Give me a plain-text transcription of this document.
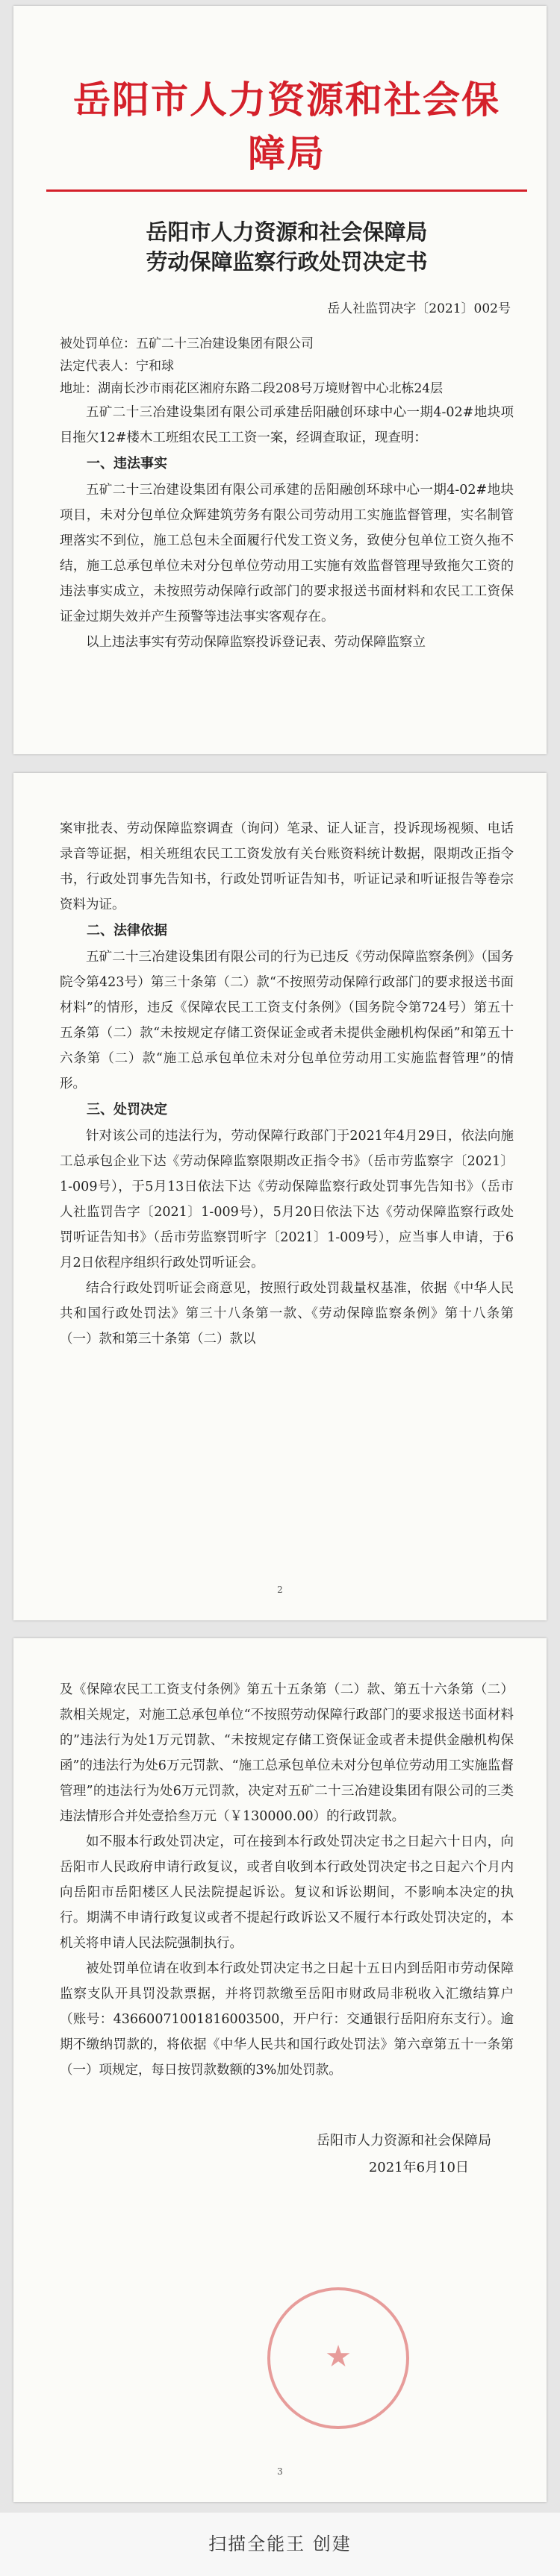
岳阳市人力资源和社会保障局
岳阳市人力资源和社会保障局
劳动保障监察行政处罚决定书
岳人社监罚决字〔2021〕002号

被处罚单位：五矿二十三冶建设集团有限公司

法定代表人：宁和球

地址：湖南长沙市雨花区湘府东路二段208号万境财智中心北栋24层

五矿二十三冶建设集团有限公司承建岳阳融创环球中心一期4-02#地块项目拖欠12#楼木工班组农民工工资一案，经调查取证，现查明：

一、违法事实

五矿二十三冶建设集团有限公司承建的岳阳融创环球中心一期4-02#地块项目，未对分包单位众辉建筑劳务有限公司劳动用工实施监督管理，实名制管理落实不到位，施工总包未全面履行代发工资义务，致使分包单位工资久拖不结，施工总承包单位未对分包单位劳动用工实施有效监督管理导致拖欠工资的违法事实成立，未按照劳动保障行政部门的要求报送书面材料和农民工工资保证金过期失效并产生预警等违法事实客观存在。

以上违法事实有劳动保障监察投诉登记表、劳动保障监察立

案审批表、劳动保障监察调查（询问）笔录、证人证言，投诉现场视频、电话录音等证据，相关班组农民工工资发放有关台账资料统计数据，限期改正指令书，行政处罚事先告知书，行政处罚听证告知书，听证记录和听证报告等卷宗资料为证。

二、法律依据

五矿二十三冶建设集团有限公司的行为已违反《劳动保障监察条例》（国务院令第423号）第三十条第（二）款“不按照劳动保障行政部门的要求报送书面材料”的情形，违反《保障农民工工资支付条例》（国务院令第724号）第五十五条第（二）款“未按规定存储工资保证金或者未提供金融机构保函”和第五十六条第（二）款“施工总承包单位未对分包单位劳动用工实施监督管理”的情形。

三、处罚决定

针对该公司的违法行为，劳动保障行政部门于2021年4月29日，依法向施工总承包企业下达《劳动保障监察限期改正指令书》（岳市劳监察字〔2021〕1-009号），于5月13日依法下达《劳动保障监察行政处罚事先告知书》（岳市人社监罚告字〔2021〕1-009号），5月20日依法下达《劳动保障监察行政处罚听证告知书》（岳市劳监察罚听字〔2021〕1-009号），应当事人申请，于6月2日依程序组织行政处罚听证会。

结合行政处罚听证会商意见，按照行政处罚裁量权基准，依据《中华人民共和国行政处罚法》第三十八条第一款、《劳动保障监察条例》第十八条第（一）款和第三十条第（二）款以

2

及《保障农民工工资支付条例》第五十五条第（二）款、第五十六条第（二）款相关规定，对施工总承包单位“不按照劳动保障行政部门的要求报送书面材料的”违法行为处1万元罚款、“未按规定存储工资保证金或者未提供金融机构保函”的违法行为处6万元罚款、“施工总承包单位未对分包单位劳动用工实施监督管理”的违法行为处6万元罚款，决定对五矿二十三冶建设集团有限公司的三类违法情形合并处壹拾叁万元（￥130000.00）的行政罚款。

如不服本行政处罚决定，可在接到本行政处罚决定书之日起六十日内，向岳阳市人民政府申请行政复议，或者自收到本行政处罚决定书之日起六个月内向岳阳市岳阳楼区人民法院提起诉讼。复议和诉讼期间，不影响本决定的执行。期满不申请行政复议或者不提起行政诉讼又不履行本行政处罚决定的，本机关将申请人民法院强制执行。

被处罚单位请在收到本行政处罚决定书之日起十五日内到岳阳市劳动保障监察支队开具罚没款票据，并将罚款缴至岳阳市财政局非税收入汇缴结算户（账号：43660071001816003500，开户行：交通银行岳阳府东支行）。逾期不缴纳罚款的，将依据《中华人民共和国行政处罚法》第六章第五十一条第（一）项规定，每日按罚款数额的3%加处罚款。

岳阳市人力资源和社会保障局
2021年6月10日
★
3
扫描全能王 创建
